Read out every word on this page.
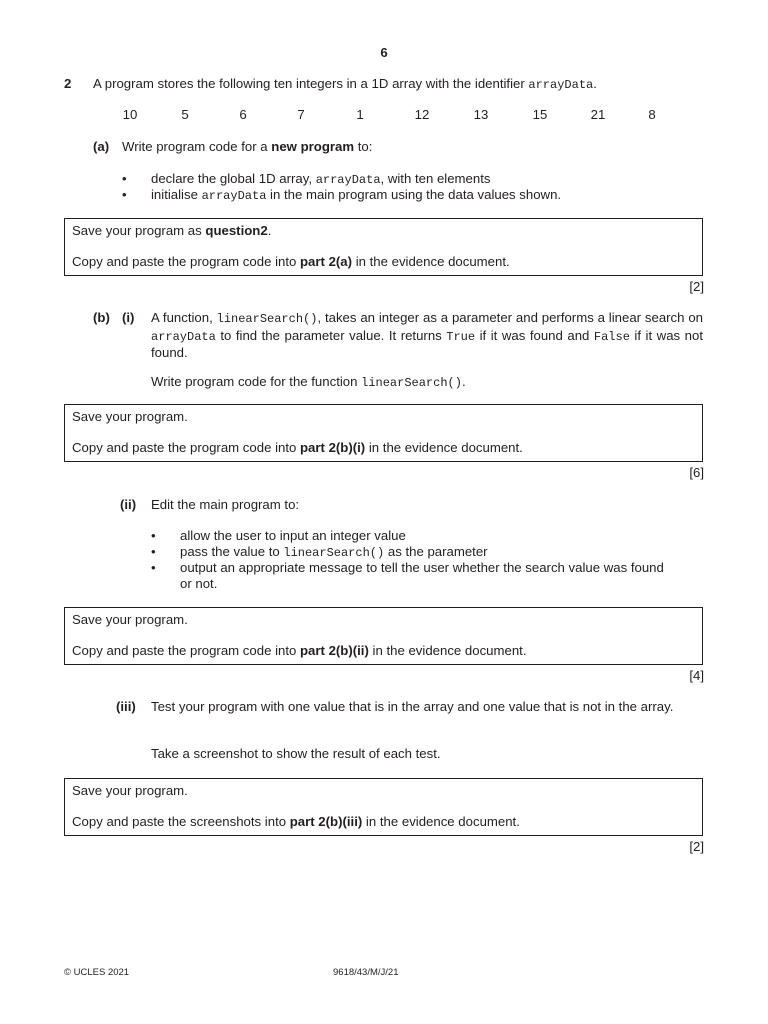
6
2 A program stores the following ten integers in a 1D array with the identifier arrayData.
10	5	6	7	1	12	13	15	21	8
(a) Write program code for a new program to:
• declare the global 1D array, arrayData, with ten elements
• initialise arrayData in the main program using the data values shown.

Save your program as question2.

Copy and paste the program code into part 2(a) in the evidence document.

[2]
(b) (i) A function, linearSearch(), takes an integer as a parameter and performs a linear search on arrayData to find the parameter value. It returns True if it was found and False if it was not found.
Write program code for the function linearSearch().

Save your program.

Copy and paste the program code into part 2(b)(i) in the evidence document.

[6]
(ii) Edit the main program to:
• allow the user to input an integer value
• pass the value to linearSearch() as the parameter
• output an appropriate message to tell the user whether the search value was found
or not.

Save your program.

Copy and paste the program code into part 2(b)(ii) in the evidence document.

[4]
(iii) Test your program with one value that is in the array and one value that is not in the array.
Take a screenshot to show the result of each test.

Save your program.

Copy and paste the screenshots into part 2(b)(iii) in the evidence document.

[2]
© UCLES 2021	9618/43/M/J/21
